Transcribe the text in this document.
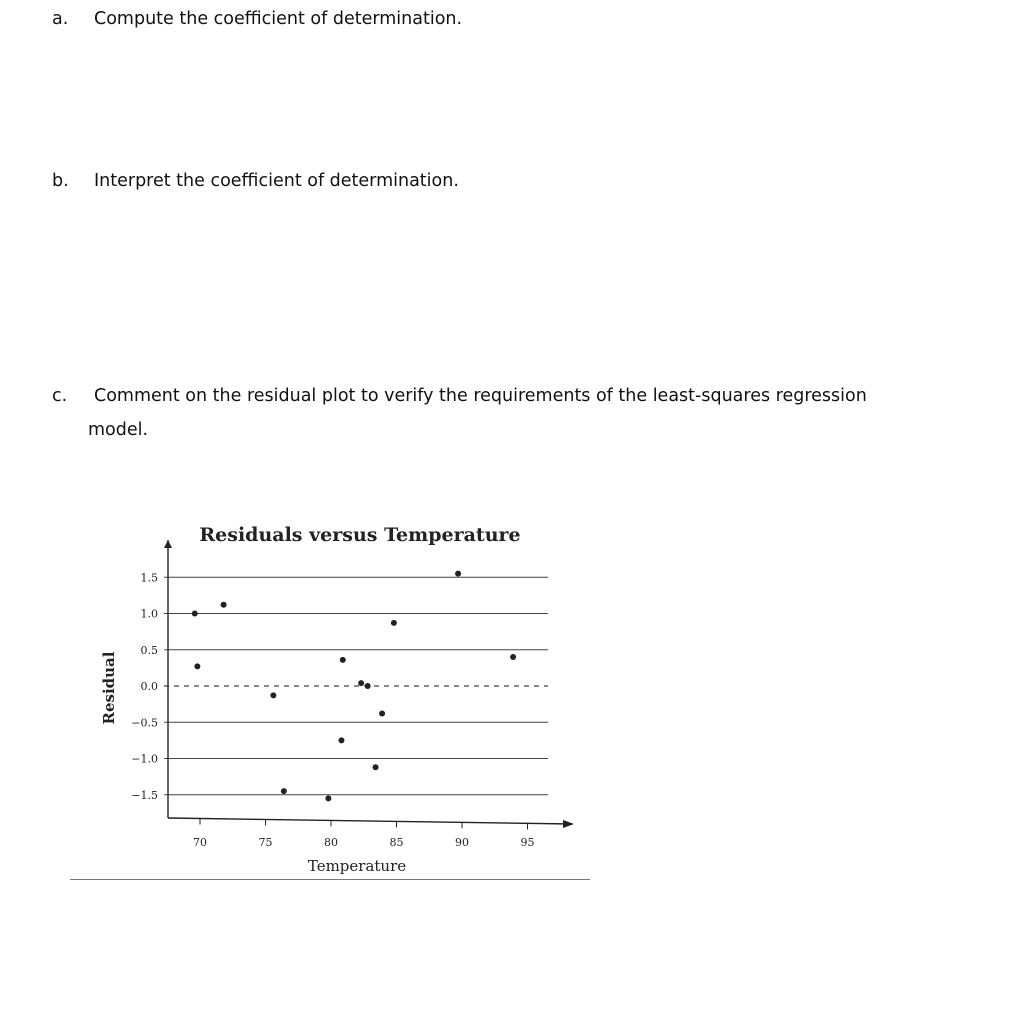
a. Compute the coefficient of determination.
b. Interpret the coefficient of determination.
c. Comment on the residual plot to verify the requirements of the least-squares regression
model.
Residuals versus Temperature
Temperature
Residual
1.5
1.0
0.5
0.0
−0.5
−1.0
−1.5
70	75	80	85	90	95
